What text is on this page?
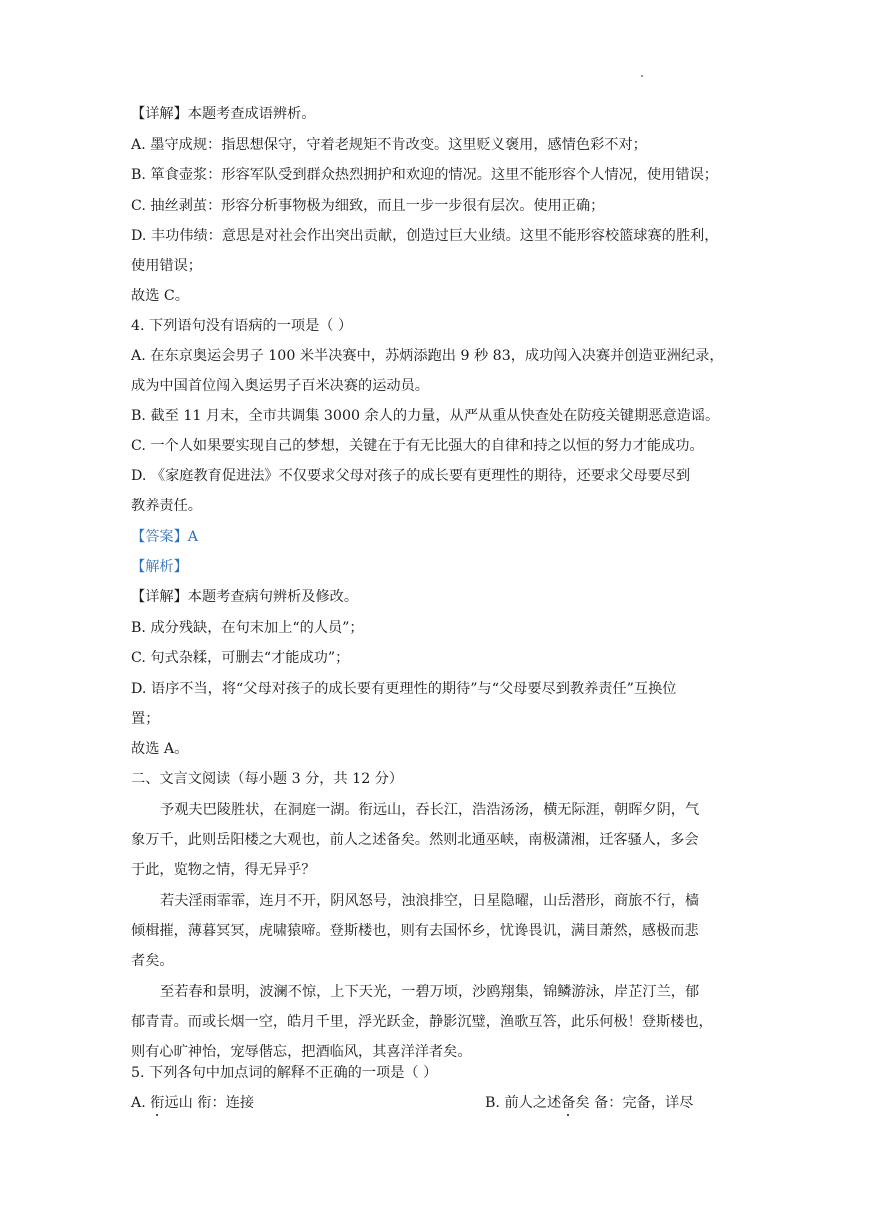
【详解】本题考查成语辨析。
A. 墨守成规：指思想保守，守着老规矩不肯改变。这里贬义褒用，感情色彩不对；
B. 箪食壶浆：形容军队受到群众热烈拥护和欢迎的情况。这里不能形容个人情况，使用错误；
C. 抽丝剥茧：形容分析事物极为细致，而且一步一步很有层次。使用正确；
D. 丰功伟绩：意思是对社会作出突出贡献，创造过巨大业绩。这里不能形容校篮球赛的胜利，
使用错误；
故选 C。
4. 下列语句没有语病的一项是（ ）
A. 在东京奥运会男子 100 米半决赛中，苏炳添跑出 9 秒 83，成功闯入决赛并创造亚洲纪录，
成为中国首位闯入奥运男子百米决赛的运动员。
B. 截至 11 月末，全市共调集 3000 余人的力量，从严从重从快查处在防疫关键期恶意造谣。
C. 一个人如果要实现自己的梦想，关键在于有无比强大的自律和持之以恒的努力才能成功。
D. 《家庭教育促进法》不仅要求父母对孩子的成长要有更理性的期待，还要求父母要尽到
教养责任。
【答案】A
【解析】
【详解】本题考查病句辨析及修改。
B. 成分残缺，在句末加上“的人员”；
C. 句式杂糅，可删去“才能成功”；
D. 语序不当，将“父母对孩子的成长要有更理性的期待”与“父母要尽到教养责任”互换位
置；
故选 A。
二、文言文阅读（每小题 3 分，共 12 分）
予观夫巴陵胜状，在洞庭一湖。衔远山，吞长江，浩浩汤汤，横无际涯，朝晖夕阴，气
象万千，此则岳阳楼之大观也，前人之述备矣。然则北通巫峡，南极潇湘，迁客骚人，多会
于此，览物之情，得无异乎？
若夫淫雨霏霏，连月不开，阴风怒号，浊浪排空，日星隐曜，山岳潜形，商旅不行，樯
倾楫摧，薄暮冥冥，虎啸猿啼。登斯楼也，则有去国怀乡，忧谗畏讥，满目萧然，感极而悲
者矣。
至若春和景明，波澜不惊，上下天光，一碧万顷，沙鸥翔集，锦鳞游泳，岸芷汀兰，郁
郁青青。而或长烟一空，皓月千里，浮光跃金，静影沉璧，渔歌互答，此乐何极！登斯楼也，
则有心旷神怡，宠辱偕忘，把酒临风，其喜洋洋者矣。
5. 下列各句中加点词的解释不正确的一项是（ ）
A. 衔远山 衔：连接	B. 前人之述备矣 备：完备，详尽
